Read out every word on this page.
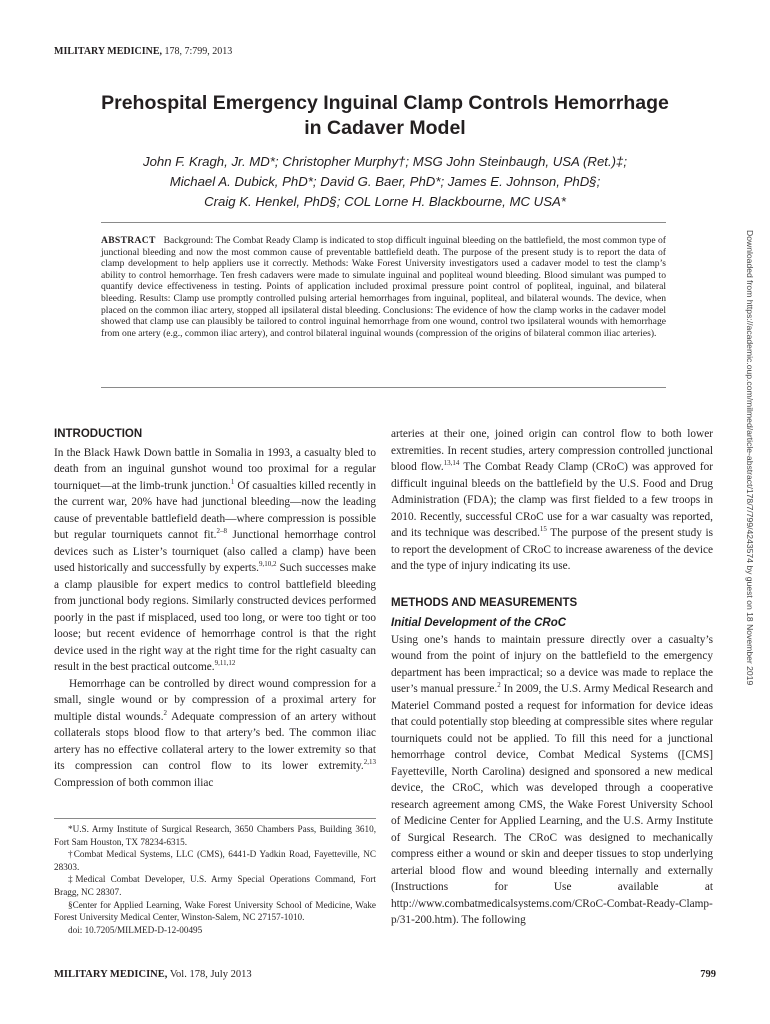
MILITARY MEDICINE, 178, 7:799, 2013
Prehospital Emergency Inguinal Clamp Controls Hemorrhage
in Cadaver Model
John F. Kragh, Jr. MD*; Christopher Murphy†; MSG John Steinbaugh, USA (Ret.)‡;
Michael A. Dubick, PhD*; David G. Baer, PhD*; James E. Johnson, PhD§;
Craig K. Henkel, PhD§; COL Lorne H. Blackbourne, MC USA*
ABSTRACT Background: The Combat Ready Clamp is indicated to stop difficult inguinal bleeding on the battlefield, the most common type of junctional bleeding and now the most common cause of preventable battlefield death. The purpose of the present study is to report the data of clamp development to help appliers use it correctly. Methods: Wake Forest University investigators used a cadaver model to test the clamp’s ability to control hemorrhage. Ten fresh cadavers were made to simulate inguinal and popliteal wound bleeding. Blood simulant was pumped to quantify device effectiveness in testing. Points of application included proximal pressure point control of popliteal, inguinal, and bilateral bleeding. Results: Clamp use promptly controlled pulsing arterial hemorrhages from inguinal, popliteal, and bilateral wounds. The device, when placed on the common iliac artery, stopped all ipsilateral distal bleeding. Conclusions: The evidence of how the clamp works in the cadaver model showed that clamp use can plausibly be tailored to control inguinal hemorrhage from one wound, control two ipsilateral wounds with hemorrhage from one artery (e.g., common iliac artery), and control bilateral inguinal wounds (compression of the origins of bilateral common iliac arteries).	Downloaded from https://academic.oup.com/milmed/article-abstract/178/7/799/4243574 by guest on 18 November 2019
INTRODUCTION

In the Black Hawk Down battle in Somalia in 1993, a casualty bled to death from an inguinal gunshot wound too proximal for a regular tourniquet—at the limb-trunk junction.$^1$ Of casualties killed recently in the current war, 20% have had junctional bleeding—now the leading cause of preventable battlefield death—where compression is possible but regular tourniquets cannot fit.$^{2-8}$ Junctional hemorrhage control devices such as Lister’s tourniquet (also called a clamp) have been used historically and successfully by experts.$^{9,10,2}$ Such successes make a clamp plausible for expert medics to control battlefield bleeding from junctional body regions. Similarly constructed devices performed poorly in the past if misplaced, used too long, or were too tight or too loose; but recent evidence of hemorrhage control is that the right device used in the right way at the right time for the right casualty can result in the best practical outcome.$^{9,11,12}$

Hemorrhage can be controlled by direct wound compression for a small, single wound or by compression of a proximal artery for multiple distal wounds.$^2$ Adequate compression of an artery without collaterals stops blood flow to that artery’s bed. The common iliac artery has no effective collateral artery to the lower extremity so that its compression can control flow to its lower extremity.$^{2,13}$ Compression of both common iliac

*U.S. Army Institute of Surgical Research, 3650 Chambers Pass, Building 3610, Fort Sam Houston, TX 78234-6315.

†Combat Medical Systems, LLC (CMS), 6441-D Yadkin Road, Fayetteville, NC 28303.

‡Medical Combat Developer, U.S. Army Special Operations Command, Fort Bragg, NC 28307.

§Center for Applied Learning, Wake Forest University School of Medicine, Wake Forest University Medical Center, Winston-Salem, NC 27157-1010.

doi: 10.7205/MILMED-D-12-00495

arteries at their one, joined origin can control flow to both lower extremities. In recent studies, artery compression controlled junctional blood flow.$^{13,14}$ The Combat Ready Clamp (CRoC) was approved for difficult inguinal bleeds on the battlefield by the U.S. Food and Drug Administration (FDA); the clamp was first fielded to a few troops in 2010. Recently, successful CRoC use for a war casualty was reported, and its technique was described.$^{15}$ The purpose of the present study is to report the development of CRoC to increase awareness of the device and the type of injury indicating its use.

METHODS AND MEASUREMENTS
Initial Development of the CRoC

Using one’s hands to maintain pressure directly over a casualty’s wound from the point of injury on the battlefield to the emergency department has been impractical; so a device was made to replace the user’s manual pressure.$^2$ In 2009, the U.S. Army Medical Research and Materiel Command posted a request for information for device ideas that could potentially stop bleeding at compressible sites where regular tourniquets could not be applied. To fill this need for a junctional hemorrhage control device, Combat Medical Systems ([CMS] Fayetteville, North Carolina) designed and sponsored a new medical device, the CRoC, which was developed through a cooperative research agreement among CMS, the Wake Forest University School of Medicine Center for Applied Learning, and the U.S. Army Institute of Surgical Research. The CRoC was designed to mechanically compress either a wound or skin and deeper tissues to stop underlying arterial blood flow and wound bleeding internally and externally (Instructions for Use available at http://www.combatmedicalsystems.com/CRoC-Combat-Ready-Clamp-p/31-200.htm). The following

MILITARY MEDICINE, Vol. 178, July 2013	799
